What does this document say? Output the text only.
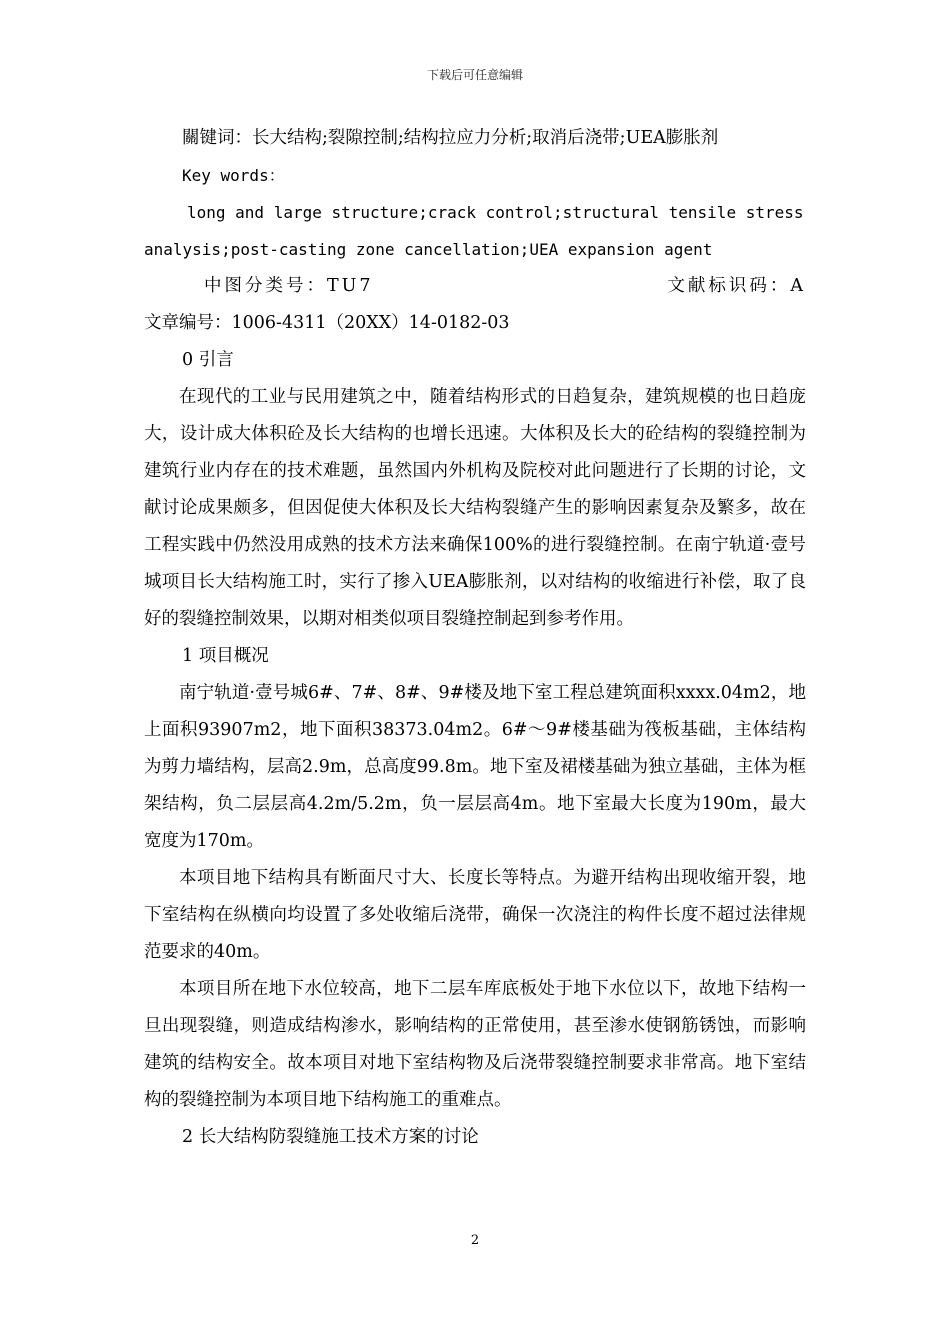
下载后可任意编辑
關键词：长大结构;裂隙控制;结构拉应力分析;取消后浇带;UEA膨胀剂
Key words：
long and large structure;crack control;structural tensile stress
analysis;post-casting zone cancellation;UEA expansion agent
中图分类号：TU7	文献标识码：A
文章编号：1006-4311（20XX）14-0182-03
0 引言

在现代的工业与民用建筑之中，随着结构形式的日趋复杂，建筑规模的也日趋庞大，设计成大体积砼及长大结构的也增长迅速。大体积及长大的砼结构的裂缝控制为建筑行业内存在的技术难题，虽然国内外机构及院校对此问题进行了长期的讨论，文献讨论成果颇多，但因促使大体积及长大结构裂缝产生的影响因素复杂及繁多，故在工程实践中仍然没用成熟的技术方法来确保100%的进行裂缝控制。在南宁轨道·壹号城项目长大结构施工时，实行了掺入UEA膨胀剂，以对结构的收缩进行补偿，取了良好的裂缝控制效果，以期对相类似项目裂缝控制起到参考作用。

1 项目概况

南宁轨道·壹号城6#、7#、8#、9#楼及地下室工程总建筑面积xxxx.04m2，地上面积93907m2，地下面积38373.04m2。6#～9#楼基础为筏板基础，主体结构为剪力墙结构，层高2.9m，总高度99.8m。地下室及裙楼基础为独立基础，主体为框架结构，负二层层高4.2m/5.2m，负一层层高4m。地下室最大长度为190m，最大宽度为170m。

本项目地下结构具有断面尺寸大、长度长等特点。为避开结构出现收缩开裂，地下室结构在纵横向均设置了多处收缩后浇带，确保一次浇注的构件长度不超过法律规范要求的40m。

本项目所在地下水位较高，地下二层车库底板处于地下水位以下，故地下结构一旦出现裂缝，则造成结构渗水，影响结构的正常使用，甚至渗水使钢筋锈蚀，而影响建筑的结构安全。故本项目对地下室结构物及后浇带裂缝控制要求非常高。地下室结构的裂缝控制为本项目地下结构施工的重难点。

2 长大结构防裂缝施工技术方案的讨论
2
